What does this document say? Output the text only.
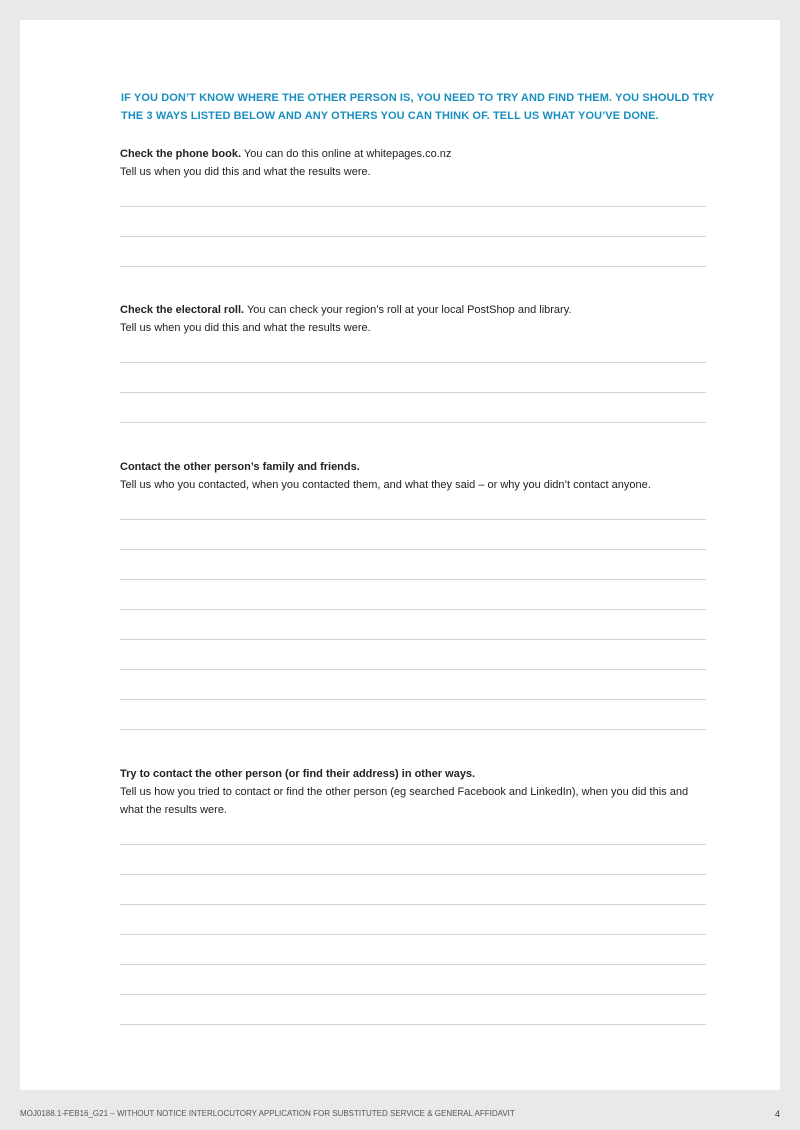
IF YOU DON’T KNOW WHERE THE OTHER PERSON IS, YOU NEED TO TRY AND FIND THEM. YOU SHOULD TRY THE 3 WAYS LISTED BELOW AND ANY OTHERS YOU CAN THINK OF. TELL US WHAT YOU’VE DONE.

Check the phone book. You can do this online at whitepages.co.nz

Tell us when you did this and what the results were.

Check the electoral roll. You can check your region’s roll at your local PostShop and library.

Tell us when you did this and what the results were.

Contact the other person’s family and friends.

Tell us who you contacted, when you contacted them, and what they said – or why you didn’t contact anyone.

Try to contact the other person (or find their address) in other ways.

Tell us how you tried to contact or find the other person (eg searched Facebook and LinkedIn), when you did this and what the results were.

MOJ0188.1-FEB16_G21 – WITHOUT NOTICE INTERLOCUTORY APPLICATION FOR SUBSTITUTED SERVICE & GENERAL AFFIDAVIT	4
